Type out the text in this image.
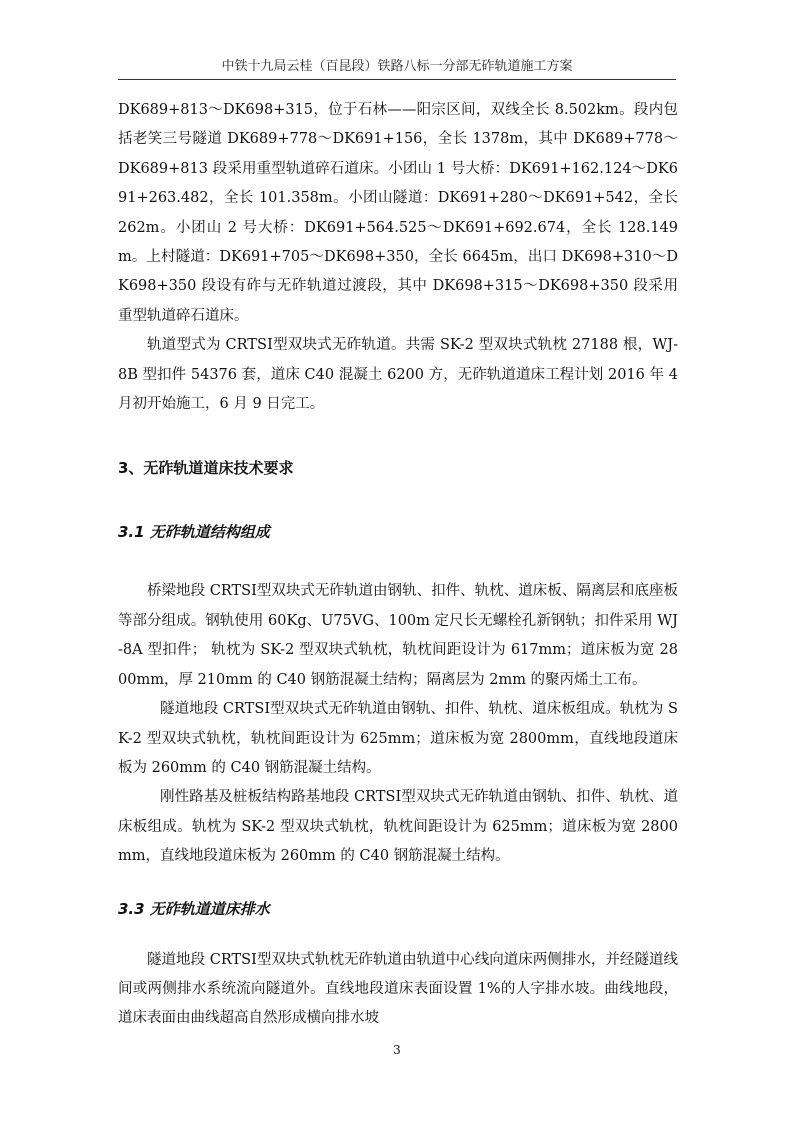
中铁十九局云桂（百昆段）铁路八标一分部无砟轨道施工方案

DK689+813～DK698+315，位于石林——阳宗区间，双线全长 8.502km。段内包括老笑三号隧道 DK689+778～DK691+156，全长 1378m，其中 DK689+778～DK689+813 段采用重型轨道碎石道床。小团山 1 号大桥：DK691+162.124～DK691+263.482，全长 101.358m。小团山隧道：DK691+280～DK691+542，全长 262m。小团山 2 号大桥：DK691+564.525～DK691+692.674，全长 128.149m。上村隧道：DK691+705～DK698+350，全长 6645m，出口 DK698+310～DK698+350 段设有砟与无砟轨道过渡段，其中 DK698+315～DK698+350 段采用重型轨道碎石道床。

轨道型式为 CRTSⅠ型双块式无砟轨道。共需 SK-2 型双块式轨枕 27188 根，WJ-8B 型扣件 54376 套，道床 C40 混凝土 6200 方，无砟轨道道床工程计划 2016 年 4 月初开始施工，6 月 9 日完工。

3、无砟轨道道床技术要求
3.1 无砟轨道结构组成

桥梁地段 CRTSⅠ型双块式无砟轨道由钢轨、扣件、轨枕、道床板、隔离层和底座板等部分组成。钢轨使用 60Kg、U75VG、100m 定尺长无螺栓孔新钢轨；扣件采用 WJ-8A 型扣件； 轨枕为 SK-2 型双块式轨枕，轨枕间距设计为 617mm；道床板为宽 2800mm，厚 210mm 的 C40 钢筋混凝土结构；隔离层为 2mm 的聚丙烯土工布。

隧道地段 CRTSⅠ型双块式无砟轨道由钢轨、扣件、轨枕、道床板组成。轨枕为 SK-2 型双块式轨枕，轨枕间距设计为 625mm；道床板为宽 2800mm，直线地段道床板为 260mm 的 C40 钢筋混凝土结构。

刚性路基及桩板结构路基地段 CRTSⅠ型双块式无砟轨道由钢轨、扣件、轨枕、道床板组成。轨枕为 SK-2 型双块式轨枕，轨枕间距设计为 625mm；道床板为宽 2800mm，直线地段道床板为 260mm 的 C40 钢筋混凝土结构。

3.3 无砟轨道道床排水

隧道地段 CRTSⅠ型双块式轨枕无砟轨道由轨道中心线向道床两侧排水，并经隧道线间或两侧排水系统流向隧道外。直线地段道床表面设置 1%的人字排水坡。曲线地段，道床表面由曲线超高自然形成横向排水坡

3
